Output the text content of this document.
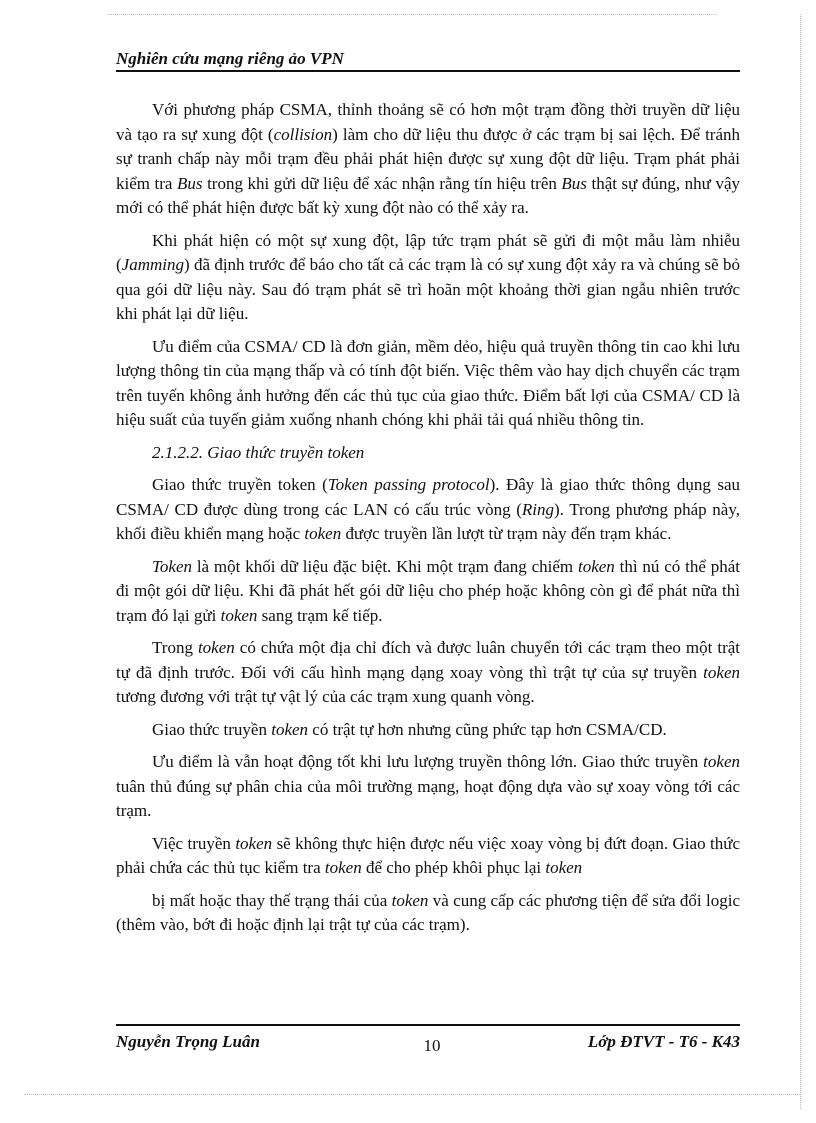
Nghiên cứu mạng riêng ảo VPN

Với phương pháp CSMA, thỉnh thoảng sẽ có hơn một trạm đồng thời truyền dữ liệu và tạo ra sự xung đột (collision) làm cho dữ liệu thu được ở các trạm bị sai lệch. Để tránh sự tranh chấp này mỗi trạm đều phải phát hiện được sự xung đột dữ liệu. Trạm phát phải kiểm tra Bus trong khi gửi dữ liệu để xác nhận rằng tín hiệu trên Bus thật sự đúng, như vậy mới có thể phát hiện được bất kỳ xung đột nào có thể xảy ra.

Khi phát hiện có một sự xung đột, lập tức trạm phát sẽ gửi đi một mẫu làm nhiễu (Jamming) đã định trước để báo cho tất cả các trạm là có sự xung đột xảy ra và chúng sẽ bỏ qua gói dữ liệu này. Sau đó trạm phát sẽ trì hoãn một khoảng thời gian ngẫu nhiên trước khi phát lại dữ liệu.

Ưu điểm của CSMA/ CD là đơn giản, mềm dẻo, hiệu quả truyền thông tin cao khi lưu lượng thông tin của mạng thấp và có tính đột biến. Việc thêm vào hay dịch chuyển các trạm trên tuyến không ảnh hưởng đến các thủ tục của giao thức. Điểm bất lợi của CSMA/ CD là hiệu suất của tuyến giảm xuống nhanh chóng khi phải tải quá nhiều thông tin.

2.1.2.2. Giao thức truyền token

Giao thức truyền token (Token passing protocol). Đây là giao thức thông dụng sau CSMA/ CD được dùng trong các LAN có cấu trúc vòng (Ring). Trong phương pháp này, khối điều khiển mạng hoặc token được truyền lần lượt từ trạm này đến trạm khác.

Token là một khối dữ liệu đặc biệt. Khi một trạm đang chiếm token thì nú có thể phát đi một gói dữ liệu. Khi đã phát hết gói dữ liệu cho phép hoặc không còn gì để phát nữa thì trạm đó lại gửi token sang trạm kế tiếp.

Trong token có chứa một địa chỉ đích và được luân chuyển tới các trạm theo một trật tự đã định trước. Đối với cấu hình mạng dạng xoay vòng thì trật tự của sự truyền token tương đương với trật tự vật lý của các trạm xung quanh vòng.

Giao thức truyền token có trật tự hơn nhưng cũng phức tạp hơn CSMA/CD.

Ưu điểm là vẫn hoạt động tốt khi lưu lượng truyền thông lớn. Giao thức truyền token tuân thủ đúng sự phân chia của môi trường mạng, hoạt động dựa vào sự xoay vòng tới các trạm.

Việc truyền token sẽ không thực hiện được nếu việc xoay vòng bị đứt đoạn. Giao thức phải chứa các thủ tục kiểm tra token để cho phép khôi phục lại token

bị mất hoặc thay thế trạng thái của token và cung cấp các phương tiện để sửa đổi logic (thêm vào, bớt đi hoặc định lại trật tự của các trạm).

Nguyễn Trọng Luân	10	Lớp ĐTVT - T6 - K43
